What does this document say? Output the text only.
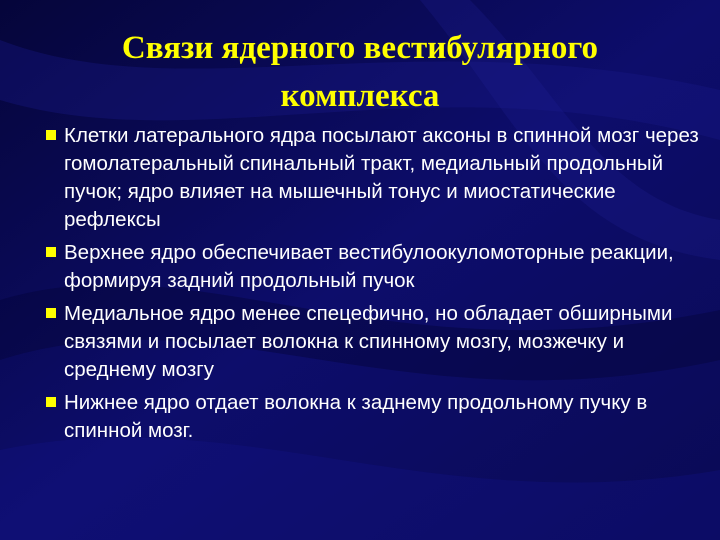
Связи ядерного вестибулярного комплекса
Клетки латерального ядра посылают аксоны в спинной мозг через гомолатеральный спинальный тракт, медиальный продольный пучок; ядро влияет на мышечный тонус и миостатические рефлексы
Верхнее ядро обеспечивает вестибулоокуломоторные реакции, формируя задний продольный пучок
Медиальное ядро менее спецефично, но обладает обширными связями и посылает волокна к спинному мозгу, мозжечку и среднему мозгу
Нижнее ядро отдает волокна к заднему продольному пучку в спинной мозг.
